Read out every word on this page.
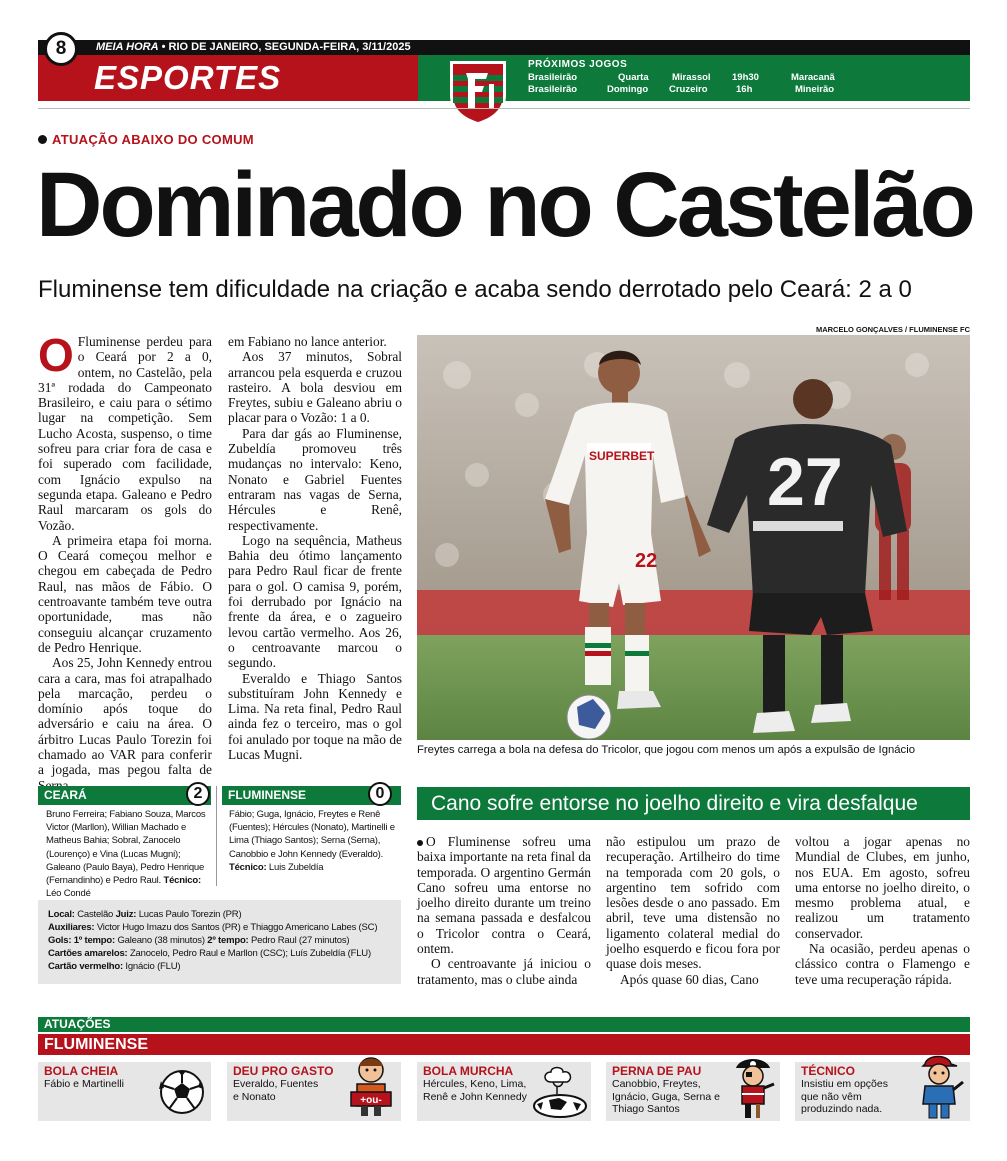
MEIA HORA • RIO DE JANEIRO, SEGUNDA-FEIRA, 3/11/2025
8
ESPORTES	PRÓXIMOS JOGOS
Brasileirão	Quarta Mirassol 19h30	Maracanã
Brasileirão	Domingo Cruzeiro	16h	Mineirão
ATUAÇÃO ABAIXO DO COMUM
Dominado no Castelão
Fluminense tem dificuldade na criação e acaba sendo derrotado pelo Ceará: 2 a 0

O Fluminense perdeu para o Ceará por 2 a 0, ontem, no Castelão, pela 31ª rodada do Campeonato Brasileiro, e caiu para o sétimo lugar na competição. Sem Lucho Acosta, suspenso, o time sofreu para criar fora de casa e foi superado com facilidade, com Ignácio expulso na segunda etapa. Galeano e Pedro Raul marcaram os gols do Vozão.

A primeira etapa foi morna. O Ceará começou melhor e chegou em cabeçada de Pedro Raul, nas mãos de Fábio. O centroavante também teve outra oportunidade, mas não conseguiu alcançar cruzamento de Pedro Henrique.

Aos 25, John Kennedy entrou cara a cara, mas foi atrapalhado pela marcação, perdeu o domínio após toque do adversário e caiu na área. O árbitro Lucas Paulo Torezin foi chamado ao VAR para conferir a jogada, mas pegou falta de

em Fabiano no lance anterior.

Aos 37 minutos, Sobral arrancou pela esquerda e cruzou rasteiro. A bola desviou em Freytes, subiu e Galeano abriu o placar para o Vozão: 1 a 0.

Para dar gás ao Fluminense, Zubeldía promoveu três mudanças no intervalo: Keno, Nonato e Gabriel Fuentes entraram nas vagas de Serna, Hércules e Renê, respectivamente.

Logo na sequência, Matheus Bahia deu ótimo lançamento para Pedro Raul ficar de frente para o gol. O camisa 9, porém, foi derrubado por Ignácio na frente da área, e o zagueiro levou cartão vermelho. Aos 26, o centroavante marcou o segundo.

Everaldo e Thiago Santos substituíram John Kennedy e Lima. Na reta final, Pedro Raul ainda fez o terceiro, mas o gol foi anulado por toque na mão de Lucas Mugni.

MARCELO GONÇALVES / FLUMINENSE FC
SUPERBET
22
27
Freytes carrega a bola na defesa do Tricolor, que jogou com menos um após a expulsão de Ignácio
CEARÁ	2	FLUMINENSE	0
Bruno Ferreira; Fabiano Souza, Marcos Victor (Marllon), Willian Machado e Matheus Bahia; Sobral, Zanocelo (Lourenço) e Vina (Lucas Mugni); Galeano (Paulo Baya), Pedro Henrique (Fernandinho) e Pedro Raul. Técnico: Léo Condé
Fábio; Guga, Ignácio, Freytes e Renê (Fuentes); Hércules (Nonato), Martinelli e Lima (Thiago Santos); Serna (Serna), Canobbio e John Kennedy (Everaldo). Técnico: Luis Zubeldía
Local: Castelão Juiz: Lucas Paulo Torezin (PR)
Auxiliares: Victor Hugo Imazu dos Santos (PR) e Thiaggo Americano Labes (SC)
Gols: 1º tempo: Galeano (38 minutos) 2º tempo: Pedro Raul (27 minutos)
Cartões amarelos: Zanocelo, Pedro Raul e Marllon (CSC); Luís Zubeldía (FLU)
Cartão vermelho: Ignácio (FLU)
Cano sofre entorse no joelho direito e vira desfalque

O Fluminense sofreu uma baixa importante na reta final da temporada. O argentino Germán Cano sofreu uma entorse no joelho direito durante um treino na semana passada e desfalcou o Tricolor contra o Ceará, ontem.

O centroavante já iniciou o tratamento, mas o clube ainda

não estipulou um prazo de recuperação. Artilheiro do time na temporada com 20 gols, o argentino tem sofrido com lesões desde o ano passado. Em abril, teve uma distensão no ligamento colateral medial do joelho esquerdo e ficou fora por quase dois meses.

Após quase 60 dias, Cano

voltou a jogar apenas no Mundial de Clubes, em junho, nos EUA. Em agosto, sofreu uma entorse no joelho direito, o mesmo problema atual, e realizou um tratamento conservador.

Na ocasião, perdeu apenas o clássico contra o Flamengo e teve uma recuperação rápida.

ATUAÇÕES
FLUMINENSE
BOLA CHEIA
Fábio e Martinelli
DEU PRO GASTO
Everaldo, Fuentes e Nonato	+ou-
BOLA MURCHA
Hércules, Keno, Lima, Renê e John Kennedy
PERNA DE PAU
Canobbio, Freytes, Ignácio, Guga, Serna e Thiago Santos
TÉCNICO
Insistiu em opções que não vêm produzindo nada.
